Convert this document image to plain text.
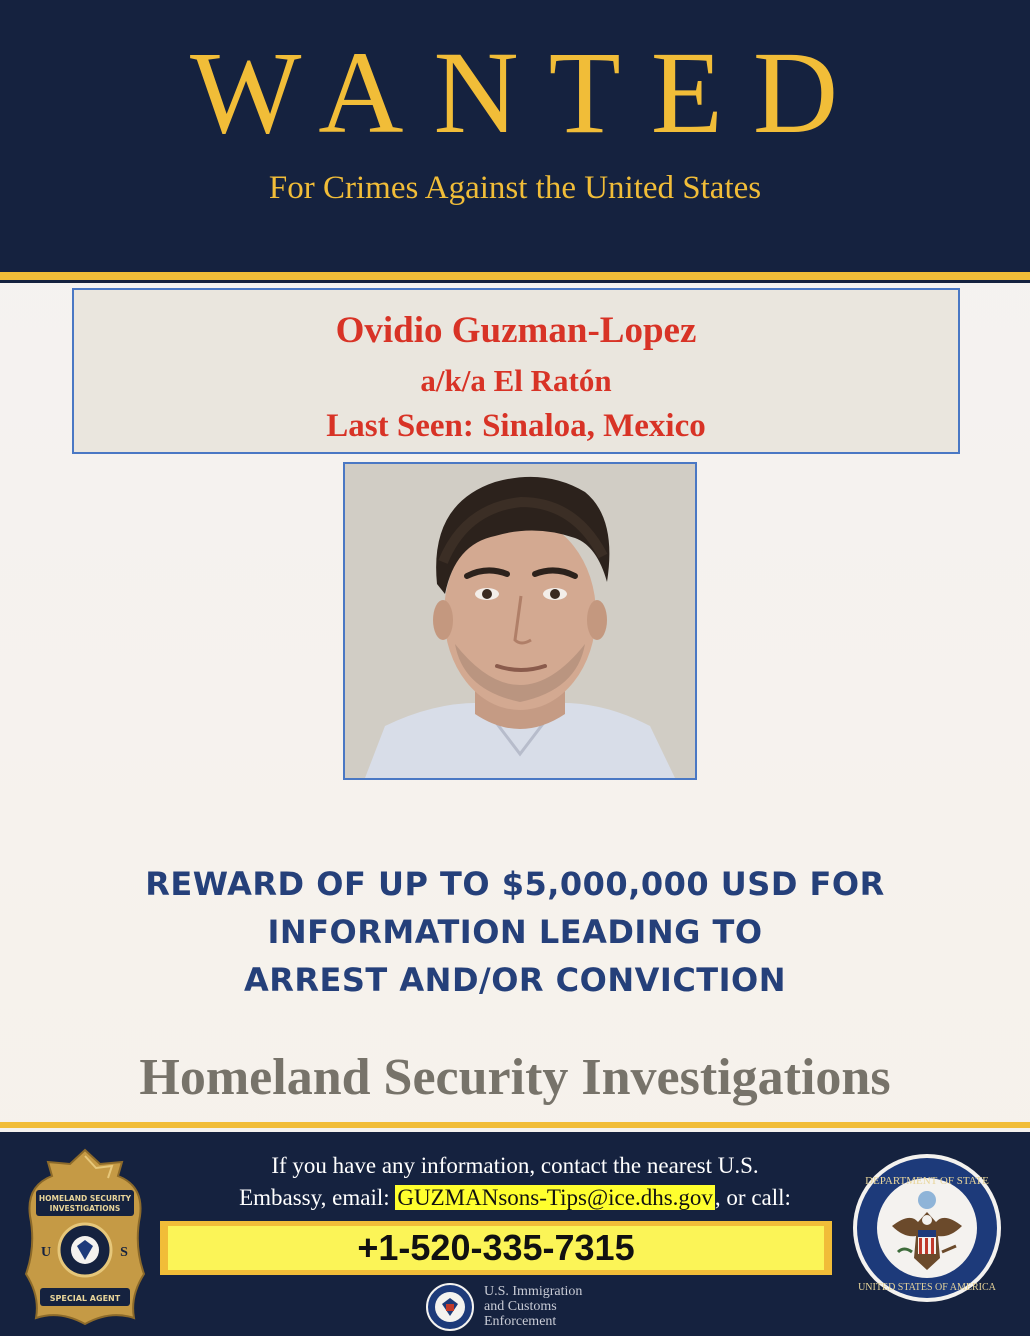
WANTED
For Crimes Against the United States
Ovidio Guzman-Lopez
a/k/a El Ratón
Last Seen: Sinaloa, Mexico
REWARD OF UP TO $5,000,000 USD FOR
INFORMATION LEADING TO
ARREST AND/OR CONVICTION
Homeland Security Investigations
HOMELAND SECURITY
INVESTIGATIONS
U	S
SPECIAL AGENT
If you have any information, contact the nearest U.S.
Embassy, email: GUZMANsons-Tips@ice.dhs.gov, or call:
+1-520-335-7315
U.S. Immigration
and Customs
Enforcement
DEPARTMENT OF STATE
UNITED STATES OF AMERICA
